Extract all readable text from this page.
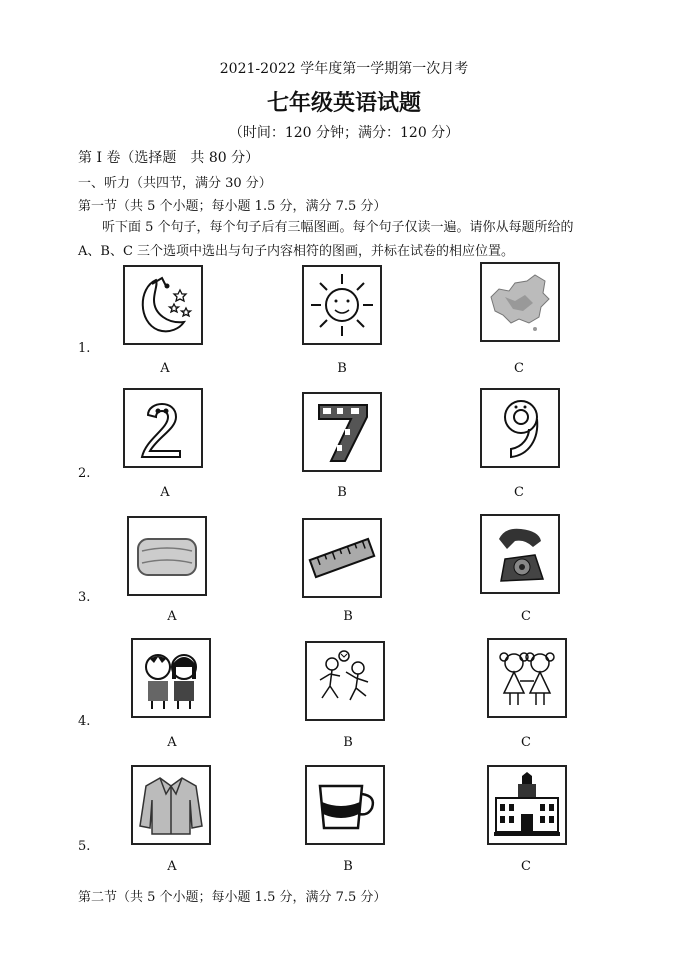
2021-2022 学年度第一学期第一次月考
七年级英语试题
（时间：120 分钟；满分：120 分）
第 I 卷（选择题　共 80 分）
一、听力（共四节，满分 30 分）
第一节（共 5 个小题；每小题 1.5 分，满分 7.5 分）
听下面 5 个句子，每个句子后有三幅图画。每个句子仅读一遍。请你从每题所给的
A、B、C 三个选项中选出与句子内容相符的图画，并标在试卷的相应位置。
1.
A	B	C
2.
A	B	C
3.
A	B	C
4.
A	B	C
5.
A	B	C
第二节（共 5 个小题；每小题 1.5 分，满分 7.5 分）
